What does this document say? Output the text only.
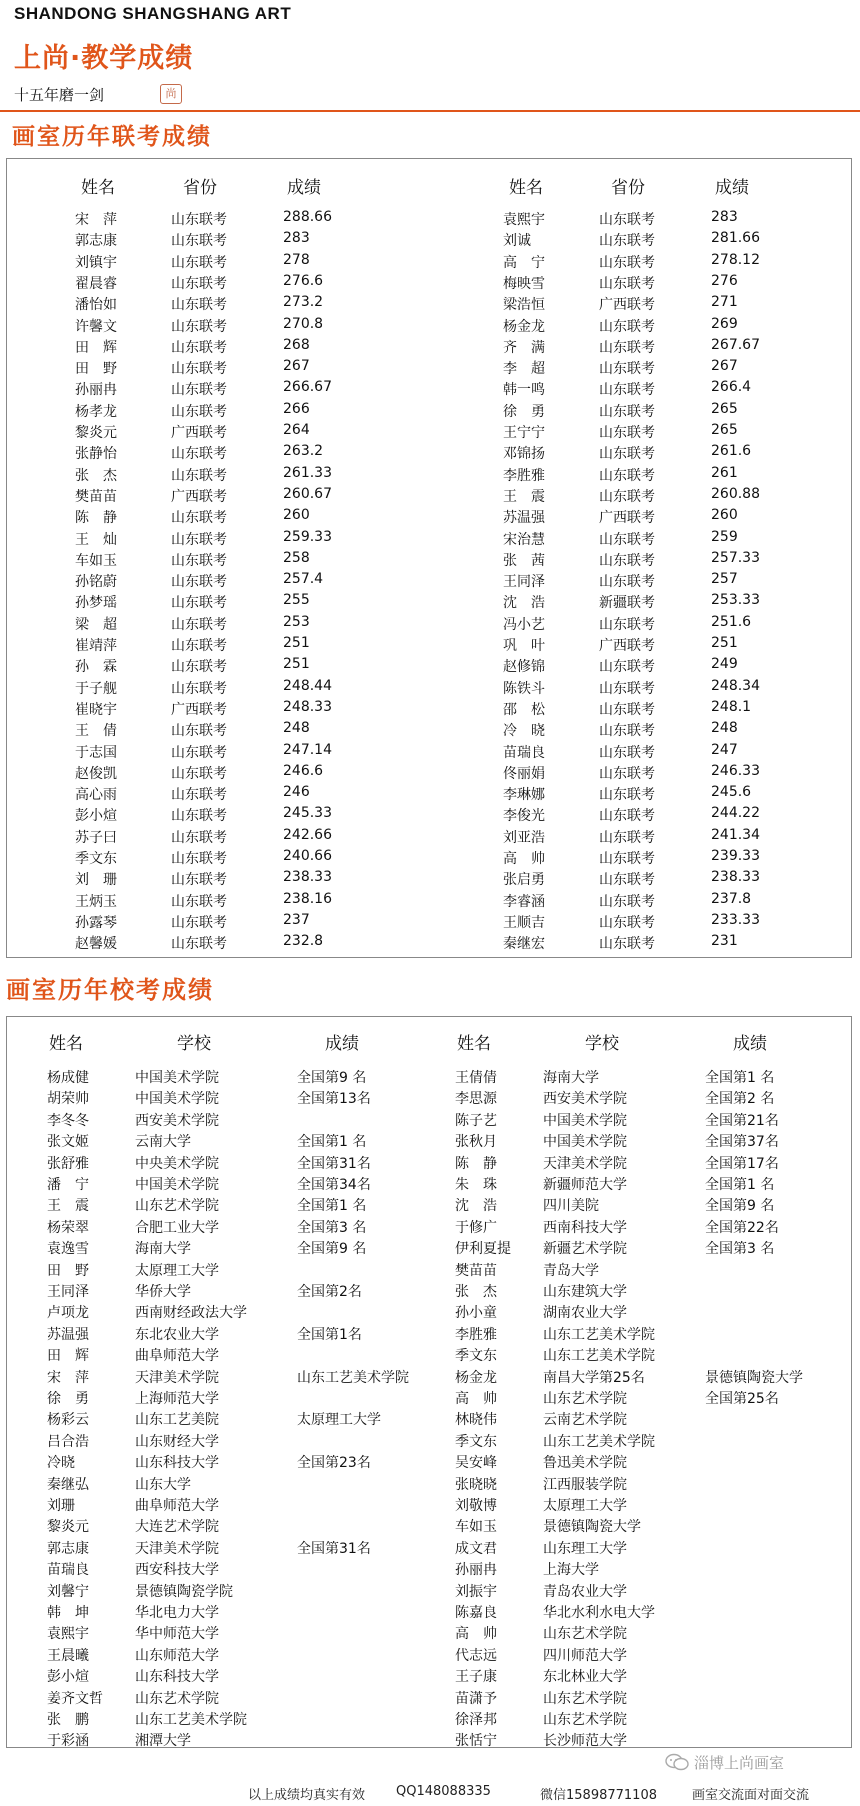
SHANDONG SHANGSHANG ART
上尚·教学成绩
十五年磨一剑	尚
画室历年联考成绩
姓名	省份	成绩
宋　萍	山东联考	288.66
郭志康	山东联考	283
刘镇宇	山东联考	278
翟晨睿	山东联考	276.6
潘怡如	山东联考	273.2
许馨文	山东联考	270.8
田　辉	山东联考	268
田　野	山东联考	267
孙丽冉	山东联考	266.67
杨孝龙	山东联考	266
黎炎元	广西联考	264
张静怡	山东联考	263.2
张　杰	山东联考	261.33
樊苗苗	广西联考	260.67
陈　静	山东联考	260
王　灿	山东联考	259.33
车如玉	山东联考	258
孙铭蔚	山东联考	257.4
孙梦瑶	山东联考	255
梁　超	山东联考	253
崔靖萍	山东联考	251
孙　霖	山东联考	251
于子舰	山东联考	248.44
崔晓宇	广西联考	248.33
王　倩	山东联考	248
于志国	山东联考	247.14
赵俊凯	山东联考	246.6
高心雨	山东联考	246
彭小煊	山东联考	245.33
苏子曰	山东联考	242.66
季文东	山东联考	240.66
刘　珊	山东联考	238.33
王炳玉	山东联考	238.16
孙露琴	山东联考	237
赵馨媛	山东联考	232.8
姓名	省份	成绩
袁熙宇	山东联考	283
刘诚	山东联考	281.66
高　宁	山东联考	278.12
梅映雪	山东联考	276
梁浩恒	广西联考	271
杨金龙	山东联考	269
齐　满	山东联考	267.67
李　超	山东联考	267
韩一鸣	山东联考	266.4
徐　勇	山东联考	265
王宁宁	山东联考	265
邓锦扬	山东联考	261.6
李胜雅	山东联考	261
王　震	山东联考	260.88
苏温强	广西联考	260
宋治慧	山东联考	259
张　茜	山东联考	257.33
王同泽	山东联考	257
沈　浩	新疆联考	253.33
冯小艺	山东联考	251.6
巩　叶	广西联考	251
赵修锦	山东联考	249
陈铁斗	山东联考	248.34
邵　松	山东联考	248.1
冷　晓	山东联考	248
苗瑞良	山东联考	247
佟丽娟	山东联考	246.33
李琳娜	山东联考	245.6
李俊光	山东联考	244.22
刘亚浩	山东联考	241.34
高　帅	山东联考	239.33
张启勇	山东联考	238.33
李睿涵	山东联考	237.8
王顺吉	山东联考	233.33
秦继宏	山东联考	231
画室历年校考成绩
姓名	学校	成绩
杨成健	中国美术学院	全国第9 名
胡荣帅	中国美术学院	全国第13名
李冬冬	西安美术学院
张文姬	云南大学	全国第1 名
张舒雅	中央美术学院	全国第31名
潘　宁	中国美术学院	全国第34名
王　震	山东艺术学院	全国第1 名
杨荣翠	合肥工业大学	全国第3 名
袁逸雪	海南大学	全国第9 名
田　野	太原理工大学
王同泽	华侨大学	全国第2名
卢项龙	西南财经政法大学
苏温强	东北农业大学	全国第1名
田　辉	曲阜师范大学
宋　萍	天津美术学院	山东工艺美术学院
徐　勇	上海师范大学
杨彩云	山东工艺美院	太原理工大学
吕合浩	山东财经大学
冷晓	山东科技大学	全国第23名
秦继弘	山东大学
刘珊	曲阜师范大学
黎炎元	大连艺术学院
郭志康	天津美术学院	全国第31名
苗瑞良	西安科技大学
刘馨宁	景德镇陶瓷学院
韩　坤	华北电力大学
袁熙宇	华中师范大学
王晨曦	山东师范大学
彭小煊	山东科技大学
姜齐文哲 山东艺术学院
张　鹏	山东工艺美术学院
于彩涵	湘潭大学
姓名	学校	成绩
王倩倩	海南大学	全国第1 名
李思源	西安美术学院	全国第2 名
陈子艺	中国美术学院	全国第21名
张秋月	中国美术学院	全国第37名
陈　静	天津美术学院	全国第17名
朱　珠	新疆师范大学	全国第1 名
沈　浩	四川美院	全国第9 名
于修广	西南科技大学	全国第22名
伊利夏提 新疆艺术学院	全国第3 名
樊苗苗	青岛大学
张　杰	山东建筑大学
孙小童	湖南农业大学
李胜雅	山东工艺美术学院
季文东	山东工艺美术学院
杨金龙	南昌大学第25名	景德镇陶瓷大学
高　帅	山东艺术学院	全国第25名
林晓伟	云南艺术学院
季文东	山东工艺美术学院
吴安峰	鲁迅美术学院
张晓晓	江西服装学院
刘敬博	太原理工大学
车如玉	景德镇陶瓷大学
成文君	山东理工大学
孙丽冉	上海大学
刘振宇	青岛农业大学
陈嘉良	华北水利水电大学
高　帅	山东艺术学院
代志远	四川师范大学
王子康	东北林业大学
苗潇予	山东艺术学院
徐泽邦	山东艺术学院
张恬宁	长沙师范大学
淄博上尚画室
以上成绩均真实有效 QQ148088335	微信15898771108	画室交流面对面交流
